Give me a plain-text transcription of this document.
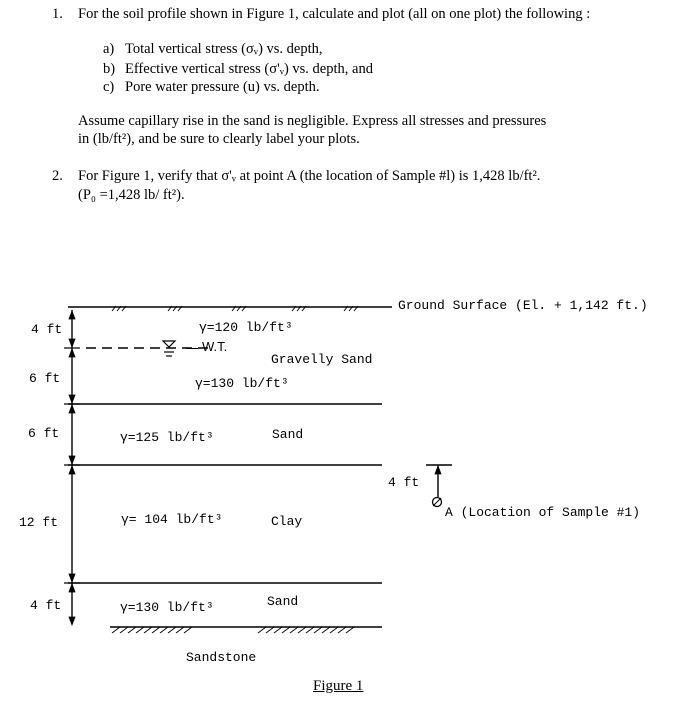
1. For the soil profile shown in Figure 1, calculate and plot (all on one plot) the following :
a) Total vertical stress (σᵥ) vs. depth,
b) Effective vertical stress (σ'ᵥ) vs. depth, and
c) Pore water pressure (u) vs. depth.
Assume capillary rise in the sand is negligible. Express all stresses and pressures
in (lb/ft²), and be sure to clearly label your plots.
2. For Figure 1, verify that σ'ᵥ at point A (the location of Sample #l) is 1,428 lb/ft².
(P₀ =1,428 lb/ ft²).
Ground Surface (El. + 1,142 ft.)
4 ft	γ=120 lb/ft³
W.T.
6 ft
Gravelly Sand
γ=130 lb/ft³
6 ft	γ=125 lb/ft³	Sand
12 ft	γ= 104 lb/ft³	Clay
4 ft	γ=130 lb/ft³	Sand
4 ft
A (Location of Sample #1)
Sandstone
Figure 1
